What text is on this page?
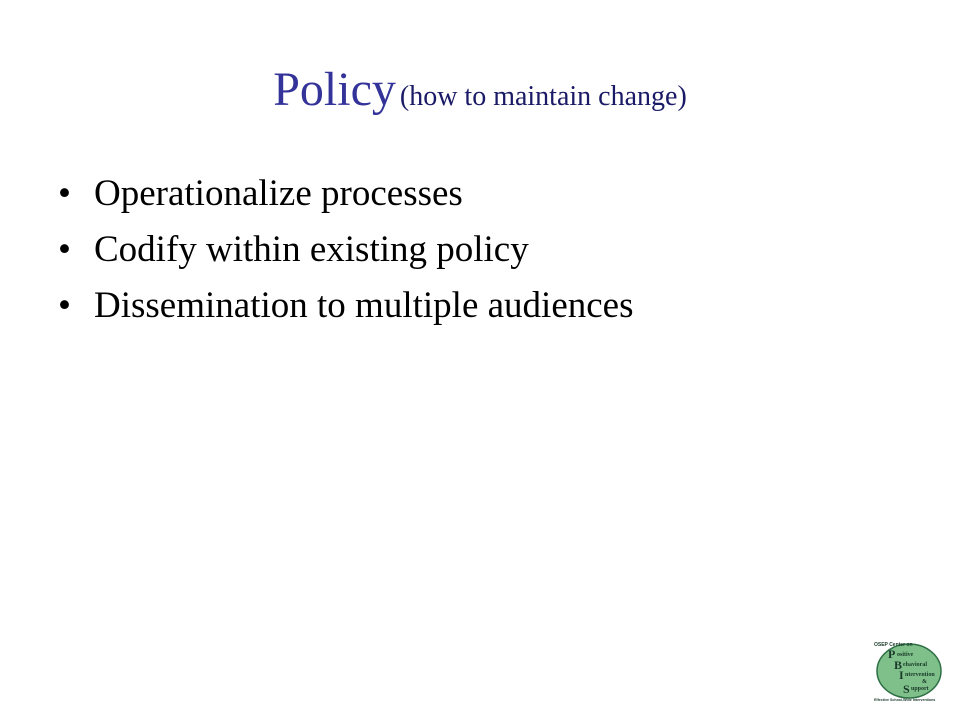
Policy (how to maintain change)
• Operationalize processes
• Codify within existing policy
• Dissemination to multiple audiences
OSEP Center on
P ositive
B ehavioral
I ntervention
&
S upport
Effective School-Wide Interventions
